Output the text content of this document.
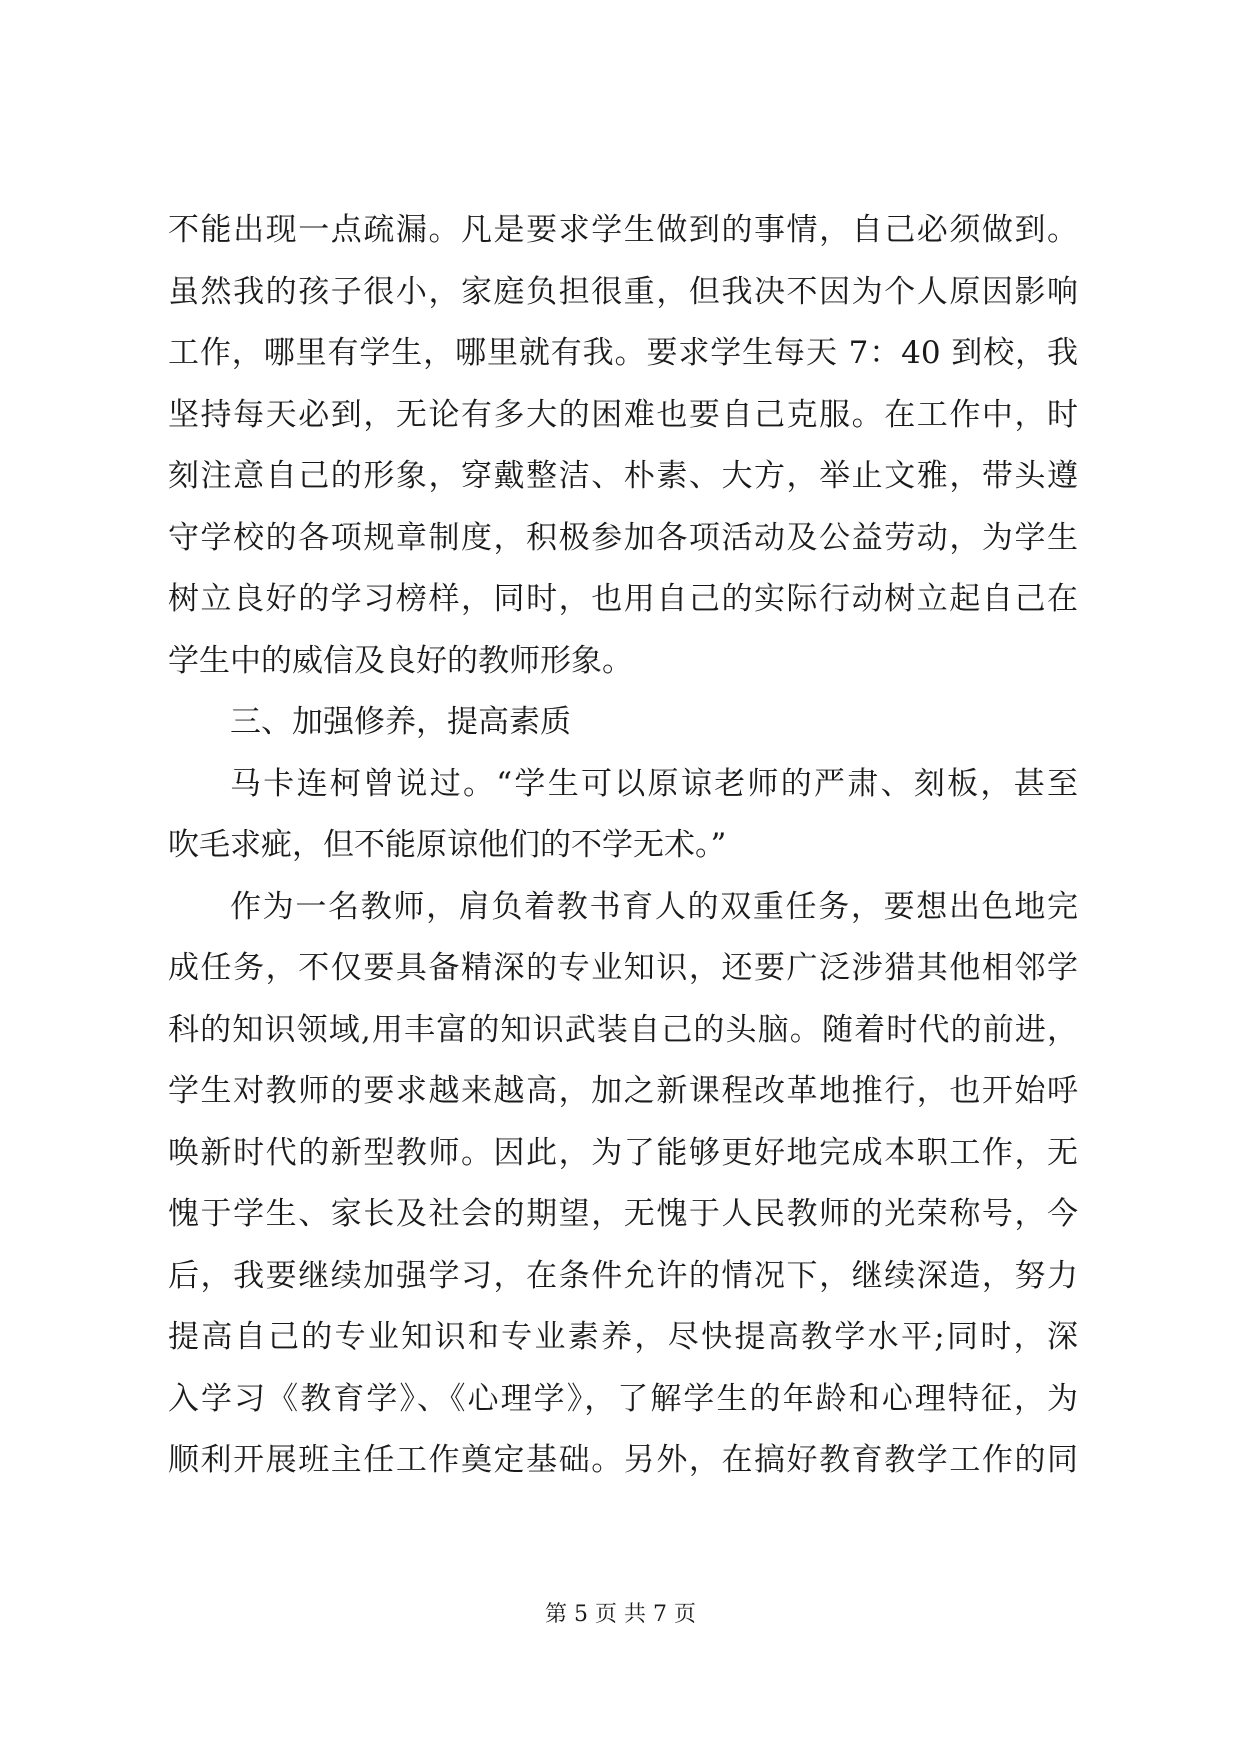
不能出现一点疏漏。凡是要求学生做到的事情，自己必须做到。
虽然我的孩子很小，家庭负担很重，但我决不因为个人原因影响
工作，哪里有学生，哪里就有我。要求学生每天 7：40 到校，我
坚持每天必到，无论有多大的困难也要自己克服。在工作中，时
刻注意自己的形象，穿戴整洁、朴素、大方，举止文雅，带头遵
守学校的各项规章制度，积极参加各项活动及公益劳动，为学生
树立良好的学习榜样，同时，也用自己的实际行动树立起自己在
学生中的威信及良好的教师形象。
三、加强修养，提高素质
马卡连柯曾说过。“学生可以原谅老师的严肃、刻板，甚至
吹毛求疵，但不能原谅他们的不学无术。”
作为一名教师，肩负着教书育人的双重任务，要想出色地完
成任务，不仅要具备精深的专业知识，还要广泛涉猎其他相邻学
科的知识领域,用丰富的知识武装自己的头脑。随着时代的前进，
学生对教师的要求越来越高，加之新课程改革地推行，也开始呼
唤新时代的新型教师。因此，为了能够更好地完成本职工作，无
愧于学生、家长及社会的期望，无愧于人民教师的光荣称号，今
后，我要继续加强学习，在条件允许的情况下，继续深造，努力
提高自己的专业知识和专业素养，尽快提高教学水平;同时，深
入学习《教育学》、《心理学》，了解学生的年龄和心理特征，为
顺利开展班主任工作奠定基础。另外，在搞好教育教学工作的同
第 5 页 共 7 页
